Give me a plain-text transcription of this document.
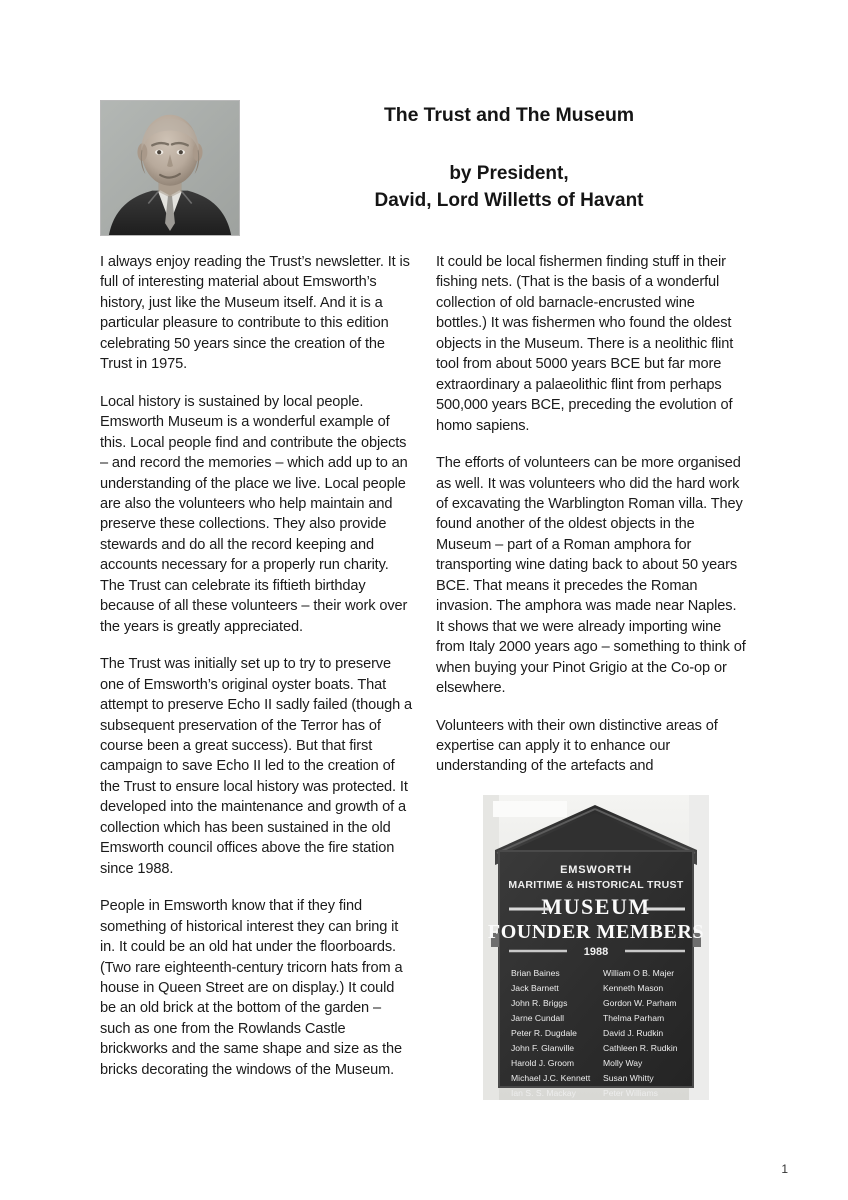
The Trust and The Museum
by President,
David, Lord Willetts of Havant

I always enjoy reading the Trust’s newsletter. It is full of interesting material about Emsworth’s history, just like the Museum itself. And it is a particular pleasure to contribute to this edition celebrating 50 years since the creation of the Trust in 1975.

Local history is sustained by local people. Emsworth Museum is a wonderful example of this. Local people find and contribute the objects – and record the memories – which add up to an understanding of the place we live. Local people are also the volunteers who help maintain and preserve these collections. They also provide stewards and do all the record keeping and accounts necessary for a properly run charity. The Trust can celebrate its fiftieth birthday because of all these volunteers – their work over the years is greatly appreciated.

The Trust was initially set up to try to preserve one of Emsworth’s original oyster boats. That attempt to preserve Echo II sadly failed (though a subsequent preservation of the Terror has of course been a great success). But that first campaign to save Echo II led to the creation of the Trust to ensure local history was protected. It developed into the maintenance and growth of a collection which has been sustained in the old Emsworth council offices above the fire station since 1988.

People in Emsworth know that if they find something of historical interest they can bring it in. It could be an old hat under the floorboards. (Two rare eighteenth-century tricorn hats from a house in Queen Street are on display.) It could be an old brick at the bottom of the garden – such as one from the Rowlands Castle brickworks and the same shape and size as the bricks decorating the windows of the Museum.

It could be local fishermen finding stuff in their fishing nets. (That is the basis of a wonderful collection of old barnacle-encrusted wine bottles.) It was fishermen who found the oldest objects in the Museum. There is a neolithic flint tool from about 5000 years BCE but far more extraordinary a palaeolithic flint from perhaps 500,000 years BCE, preceding the evolution of homo sapiens.

The efforts of volunteers can be more organised as well. It was volunteers who did the hard work of excavating the Warblington Roman villa. They found another of the oldest objects in the Museum – part of a Roman amphora for transporting wine dating back to about 50 years BCE. That means it precedes the Roman invasion. The amphora was made near Naples. It shows that we were already importing wine from Italy 2000 years ago – something to think of when buying your Pinot Grigio at the Co-op or elsewhere.

Volunteers with their own distinctive areas of expertise can apply it to enhance our understanding of the artefacts and

EMSWORTH
MARITIME & HISTORICAL TRUST
MUSEUM
FOUNDER MEMBERS
1988
Brian Baines
Jack Barnett
John R. Briggs
Jarne Cundall
Peter R. Dugdale
John F. Glanville
Harold J. Groom
Michael J.C. Kennett
Ian S. S. Mackay
William O B. Majer
Kenneth Mason
Gordon W. Parham
Thelma Parham
David J. Rudkin
Cathleen R. Rudkin
Molly Way
Susan Whitty
Peter Williams
1
